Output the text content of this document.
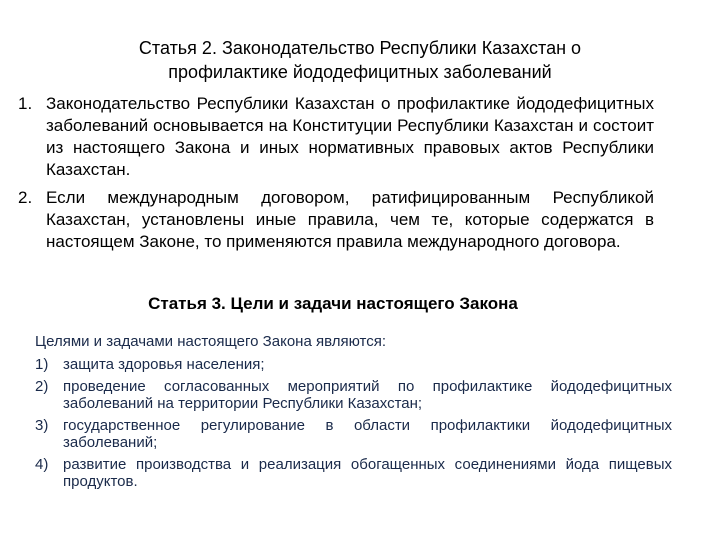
Статья 2. Законодательство Республики Казахстан о
профилактике йододефицитных заболеваний
1. Законодательство Республики Казахстан о профилактике йододефицитных заболеваний основывается на Конституции Республики Казахстан и состоит из настоящего Закона и иных нормативных правовых актов Республики Казахстан.
2. Если международным договором, ратифицированным Республикой Казахстан, установлены иные правила, чем те, которые содержатся в настоящем Законе, то применяются правила международного договора.
Статья 3. Цели и задачи настоящего Закона
Целями и задачами настоящего Закона являются:
1) защита здоровья населения;
2) проведение согласованных мероприятий по профилактике йододефицитных заболеваний на территории Республики Казахстан;
3) государственное регулирование в области профилактики йододефицитных заболеваний;
4) развитие производства и реализация обогащенных соединениями йода пищевых продуктов.
